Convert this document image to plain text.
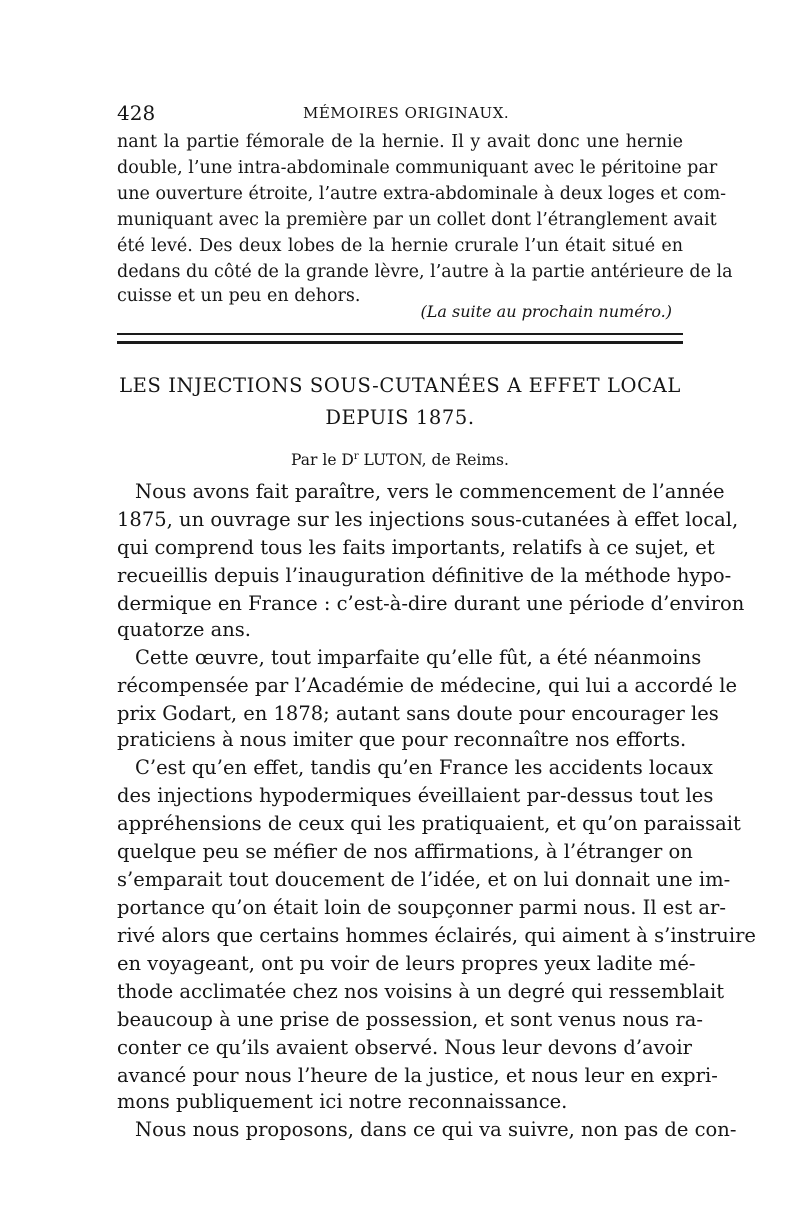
428	MÉMOIRES ORIGINAUX.
nant la partie fémorale de la hernie. Il y avait donc une hernie
double, l’une intra-abdominale communiquant avec le péritoine par
une ouverture étroite, l’autre extra-abdominale à deux loges et com-
muniquant avec la première par un collet dont l’étranglement avait
été levé. Des deux lobes de la hernie crurale l’un était situé en
dedans du côté de la grande lèvre, l’autre à la partie antérieure de la
cuisse et un peu en dehors.
(La suite au prochain numéro.)
LES INJECTIONS SOUS-CUTANÉES A EFFET LOCAL
DEPUIS 1875.
Par le $D^r$ LUTON, de Reims.
Nous avons fait paraître, vers le commencement de l’année
1875, un ouvrage sur les injections sous-cutanées à effet local,
qui comprend tous les faits importants, relatifs à ce sujet, et
recueillis depuis l’inauguration définitive de la méthode hypo-
dermique en France : c’est-à-dire durant une période d’environ
quatorze ans.
Cette œuvre, tout imparfaite qu’elle fût, a été néanmoins
récompensée par l’Académie de médecine, qui lui a accordé le
prix Godart, en 1878; autant sans doute pour encourager les
praticiens à nous imiter que pour reconnaître nos efforts.
C’est qu’en effet, tandis qu’en France les accidents locaux
des injections hypodermiques éveillaient par-dessus tout les
appréhensions de ceux qui les pratiquaient, et qu’on paraissait
quelque peu se méfier de nos affirmations, à l’étranger on
s’emparait tout doucement de l’idée, et on lui donnait une im-
portance qu’on était loin de soupçonner parmi nous. Il est ar-
rivé alors que certains hommes éclairés, qui aiment à s’instruire
en voyageant, ont pu voir de leurs propres yeux ladite mé-
thode acclimatée chez nos voisins à un degré qui ressemblait
beaucoup à une prise de possession, et sont venus nous ra-
conter ce qu’ils avaient observé. Nous leur devons d’avoir
avancé pour nous l’heure de la justice, et nous leur en expri-
mons publiquement ici notre reconnaissance.
Nous nous proposons, dans ce qui va suivre, non pas de con-
